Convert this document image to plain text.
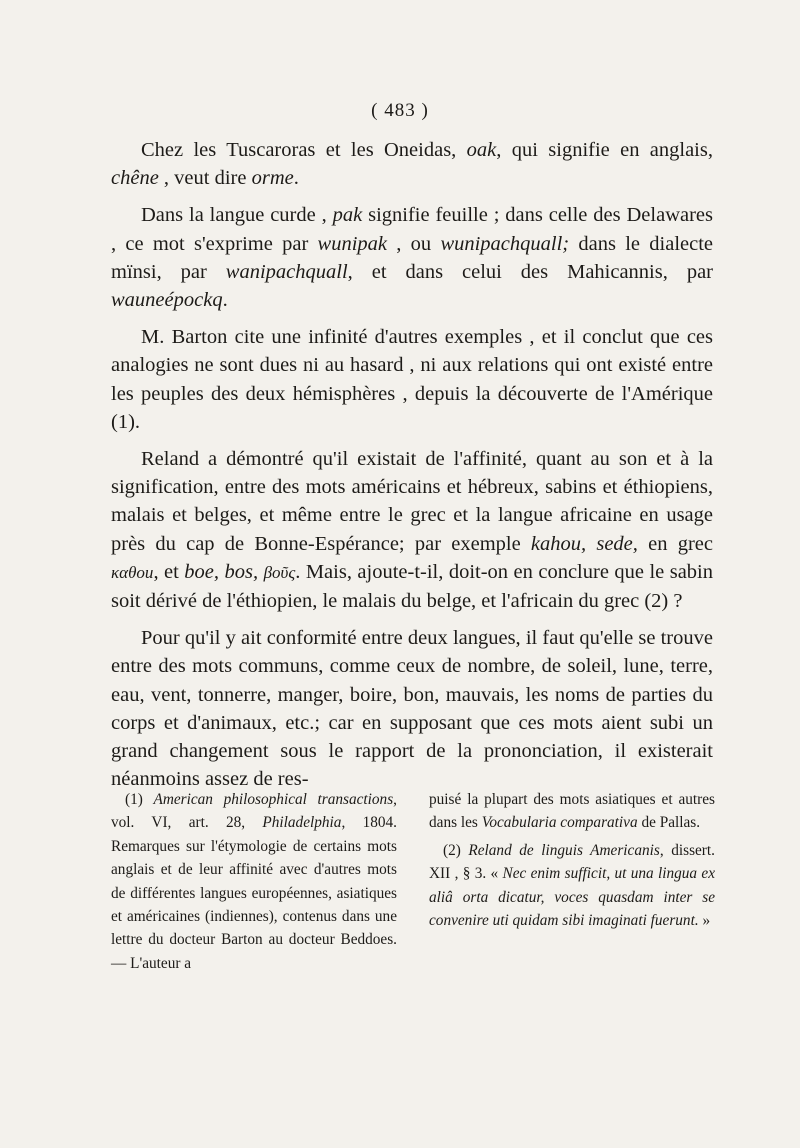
( 483 )

Chez les Tuscaroras et les Oneidas, oak, qui signifie en anglais, chêne , veut dire orme.

Dans la langue curde , pak signifie feuille ; dans celle des Delawares , ce mot s'exprime par wunipak , ou wunipachquall; dans le dialecte mïnsi, par wanipachquall, et dans celui des Mahicannis, par wauneépockq.

M. Barton cite une infinité d'autres exemples , et il conclut que ces analogies ne sont dues ni au hasard , ni aux relations qui ont existé entre les peuples des deux hémisphères , depuis la découverte de l'Amérique (1).

Reland a démontré qu'il existait de l'affinité, quant au son et à la signification, entre des mots américains et hébreux, sabins et éthiopiens, malais et belges, et même entre le grec et la langue africaine en usage près du cap de Bonne-Espérance; par exemple kahou, sede, en grec καθοu, et boe, bos, βοῦς. Mais, ajoute-t-il, doit-on en conclure que le sabin soit dérivé de l'éthiopien, le malais du belge, et l'africain du grec (2) ?

Pour qu'il y ait conformité entre deux langues, il faut qu'elle se trouve entre des mots communs, comme ceux de nombre, de soleil, lune, terre, eau, vent, tonnerre, manger, boire, bon, mauvais, les noms de parties du corps et d'animaux, etc.; car en supposant que ces mots aient subi un grand changement sous le rapport de la prononciation, il existerait néanmoins assez de res-

(1) American philosophical transactions, vol. VI, art. 28, Philadelphia, 1804. Remarques sur l'étymologie de certains mots anglais et de leur affinité avec d'autres mots de différentes langues européennes, asiatiques et américaines (indiennes), contenus dans une lettre du docteur Barton au docteur Beddoes. — L'auteur a

puisé la plupart des mots asiatiques et autres dans les Vocabularia comparativa de Pallas.

(2) Reland de linguis Americanis, dissert. XII , § 3. « Nec enim sufficit, ut una lingua ex aliâ orta dicatur, voces quasdam inter se convenire uti quidam sibi imaginati fuerunt. »
